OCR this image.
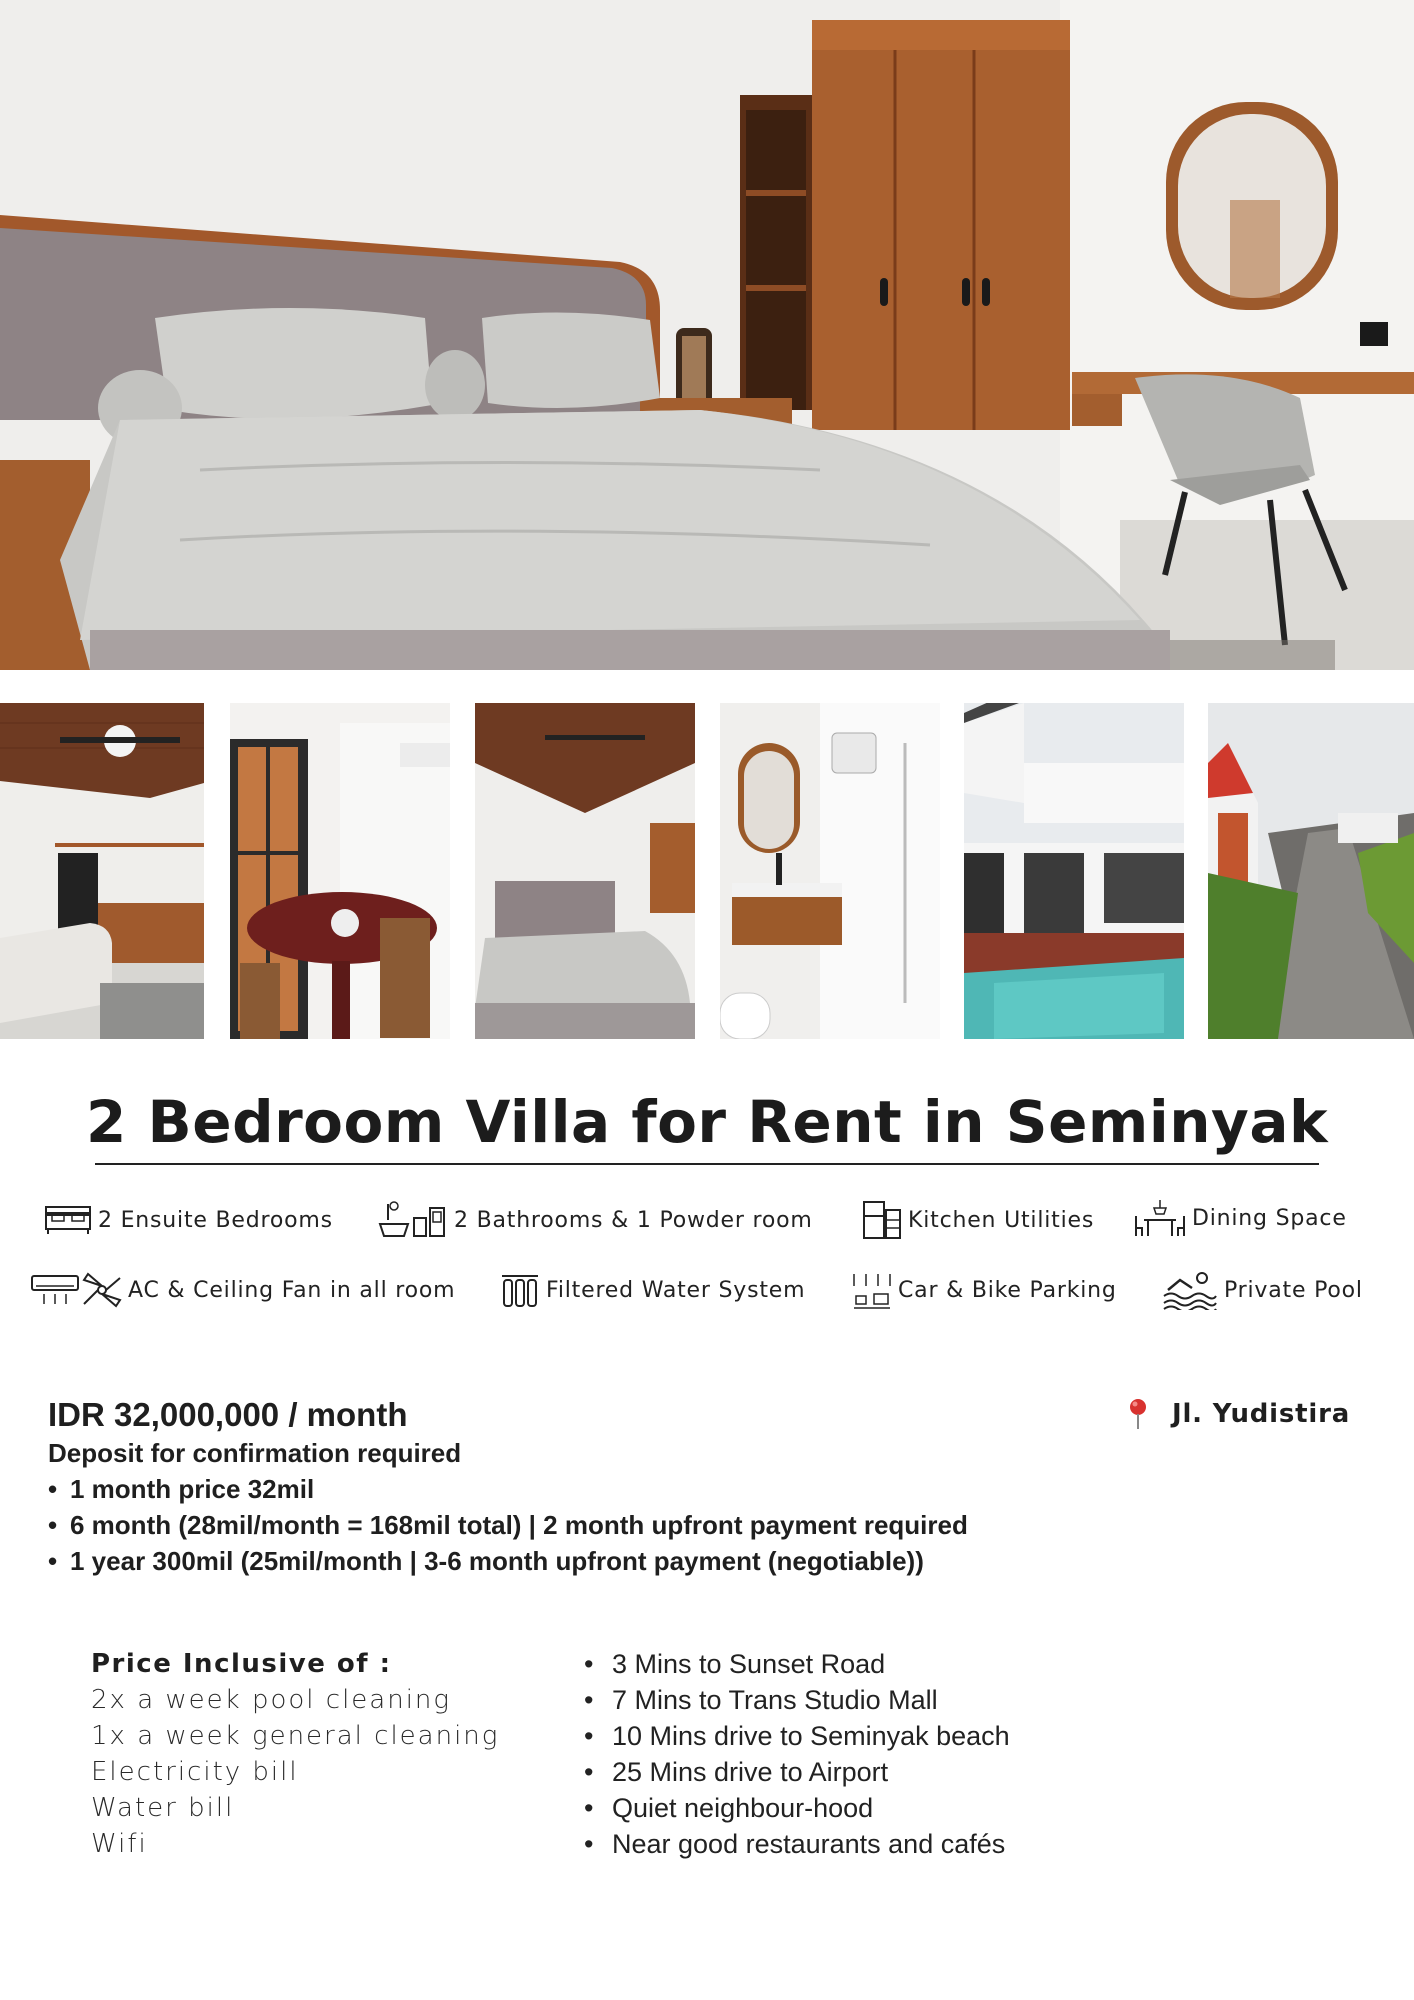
2 Bedroom Villa for Rent in Seminyak
2 Ensuite Bedrooms	2 Bathrooms & 1 Powder room	Kitchen Utilities	Dining Space
AC & Ceiling Fan in all room	Filtered Water System	Car & Bike Parking	Private Pool

IDR 32,000,000 / month

Deposit for confirmation required

• 1 month price 32mil
• 6 month (28mil/month = 168mil total) | 2 month upfront payment required
• 1 year 300mil (25mil/month | 3-6 month upfront payment (negotiable))
Jl. Yudistira

Price Inclusive of :

2x a week pool cleaning
1x a week general cleaning
Electricity bill
Water bill
Wifi
• 3 Mins to Sunset Road
• 7 Mins to Trans Studio Mall
• 10 Mins drive to Seminyak beach
• 25 Mins drive to Airport
• Quiet neighbour-hood
• Near good restaurants and cafés
